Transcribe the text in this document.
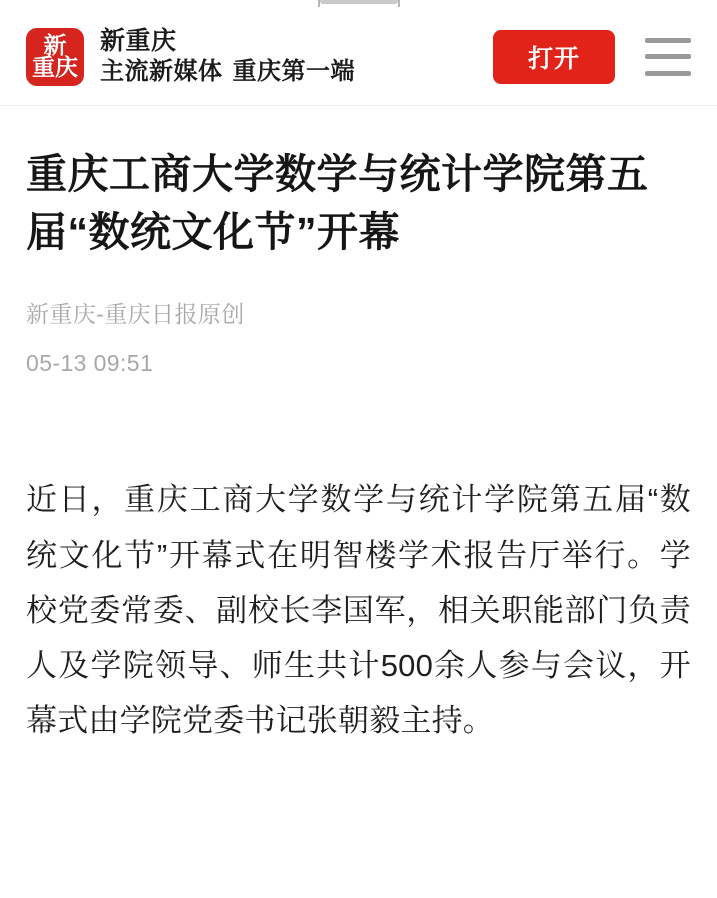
新
重庆
新重庆
主流新媒体 重庆第一端	打开
重庆工商大学数学与统计学院第五届“数统文化节”开幕
新重庆-重庆日报原创
05-13 09:51

近日，重庆工商大学数学与统计学院第五届“数统文化节”开幕式在明智楼学术报告厅举行。学校党委常委、副校长李国军，相关职能部门负责人及学院领导、师生共计500余人参与会议，开幕式由学院党委书记张朝毅主持。
